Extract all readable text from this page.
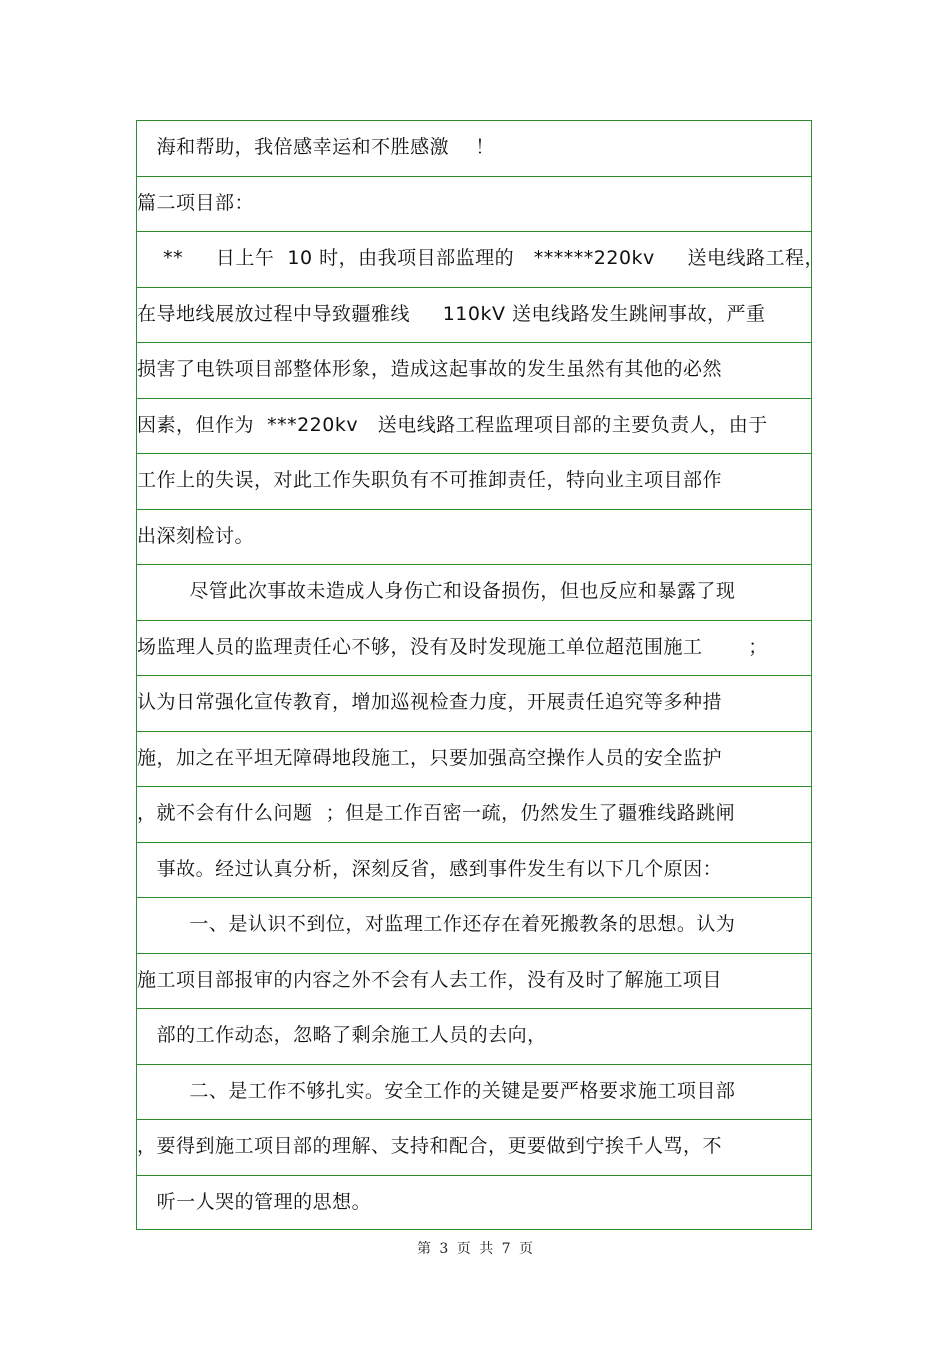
海和帮助，我倍感幸运和不胜感激    ！
篇二项目部：
**     日上午  10 时，由我项目部监理的   ******220kv     送电线路工程，
在导地线展放过程中导致疆雅线     110kV 送电线路发生跳闸事故，严重
损害了电铁项目部整体形象，造成这起事故的发生虽然有其他的必然
因素，但作为  ***220kv   送电线路工程监理项目部的主要负责人，由于
工作上的失误，对此工作失职负有不可推卸责任，特向业主项目部作
出深刻检讨。
尽管此次事故未造成人身伤亡和设备损伤，但也反应和暴露了现
场监理人员的监理责任心不够，没有及时发现施工单位超范围施工       ；
认为日常强化宣传教育，增加巡视检查力度，开展责任追究等多种措
施，加之在平坦无障碍地段施工，只要加强高空操作人员的安全监护
，就不会有什么问题  ；但是工作百密一疏，仍然发生了疆雅线路跳闸
事故。经过认真分析，深刻反省，感到事件发生有以下几个原因：
一、是认识不到位，对监理工作还存在着死搬教条的思想。认为
施工项目部报审的内容之外不会有人去工作，没有及时了解施工项目
部的工作动态，忽略了剩余施工人员的去向，
二、是工作不够扎实。安全工作的关键是要严格要求施工项目部
，要得到施工项目部的理解、支持和配合，更要做到宁挨千人骂，不
听一人哭的管理的思想。
第 3 页 共 7 页
